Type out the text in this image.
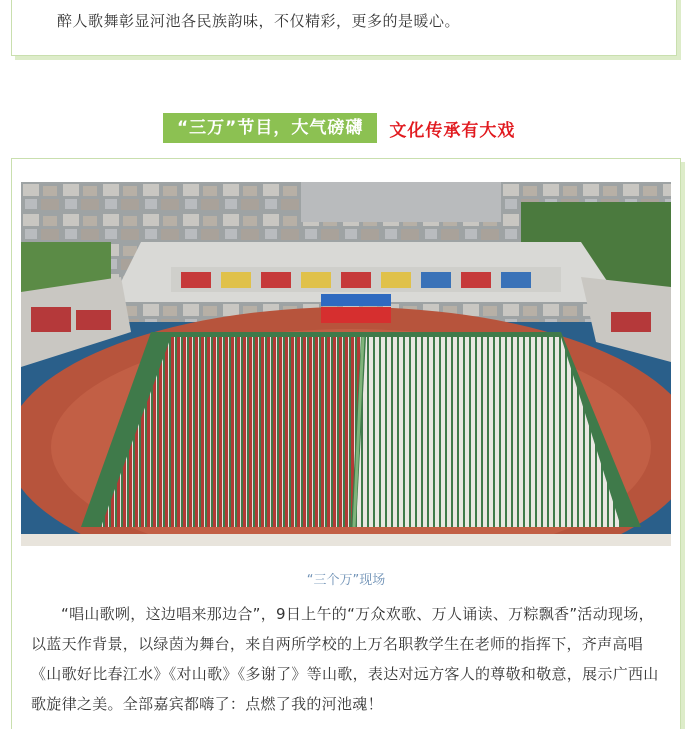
醉人歌舞彰显河池各民族韵味，不仅精彩，更多的是暖心。
“三万”节目，大气磅礴	文化传承有大戏
“三个万”现场
“唱山歌咧，这边唱来那边合”，9日上午的“万众欢歌、万人诵读、万粽飘香”活动现场，以蓝天作背景，以绿茵为舞台，来自两所学校的上万名职教学生在老师的指挥下，齐声高唱《山歌好比春江水》《对山歌》《多谢了》等山歌，表达对远方客人的尊敬和敬意，展示广西山歌旋律之美。全部嘉宾都嗨了：点燃了我的河池魂！
